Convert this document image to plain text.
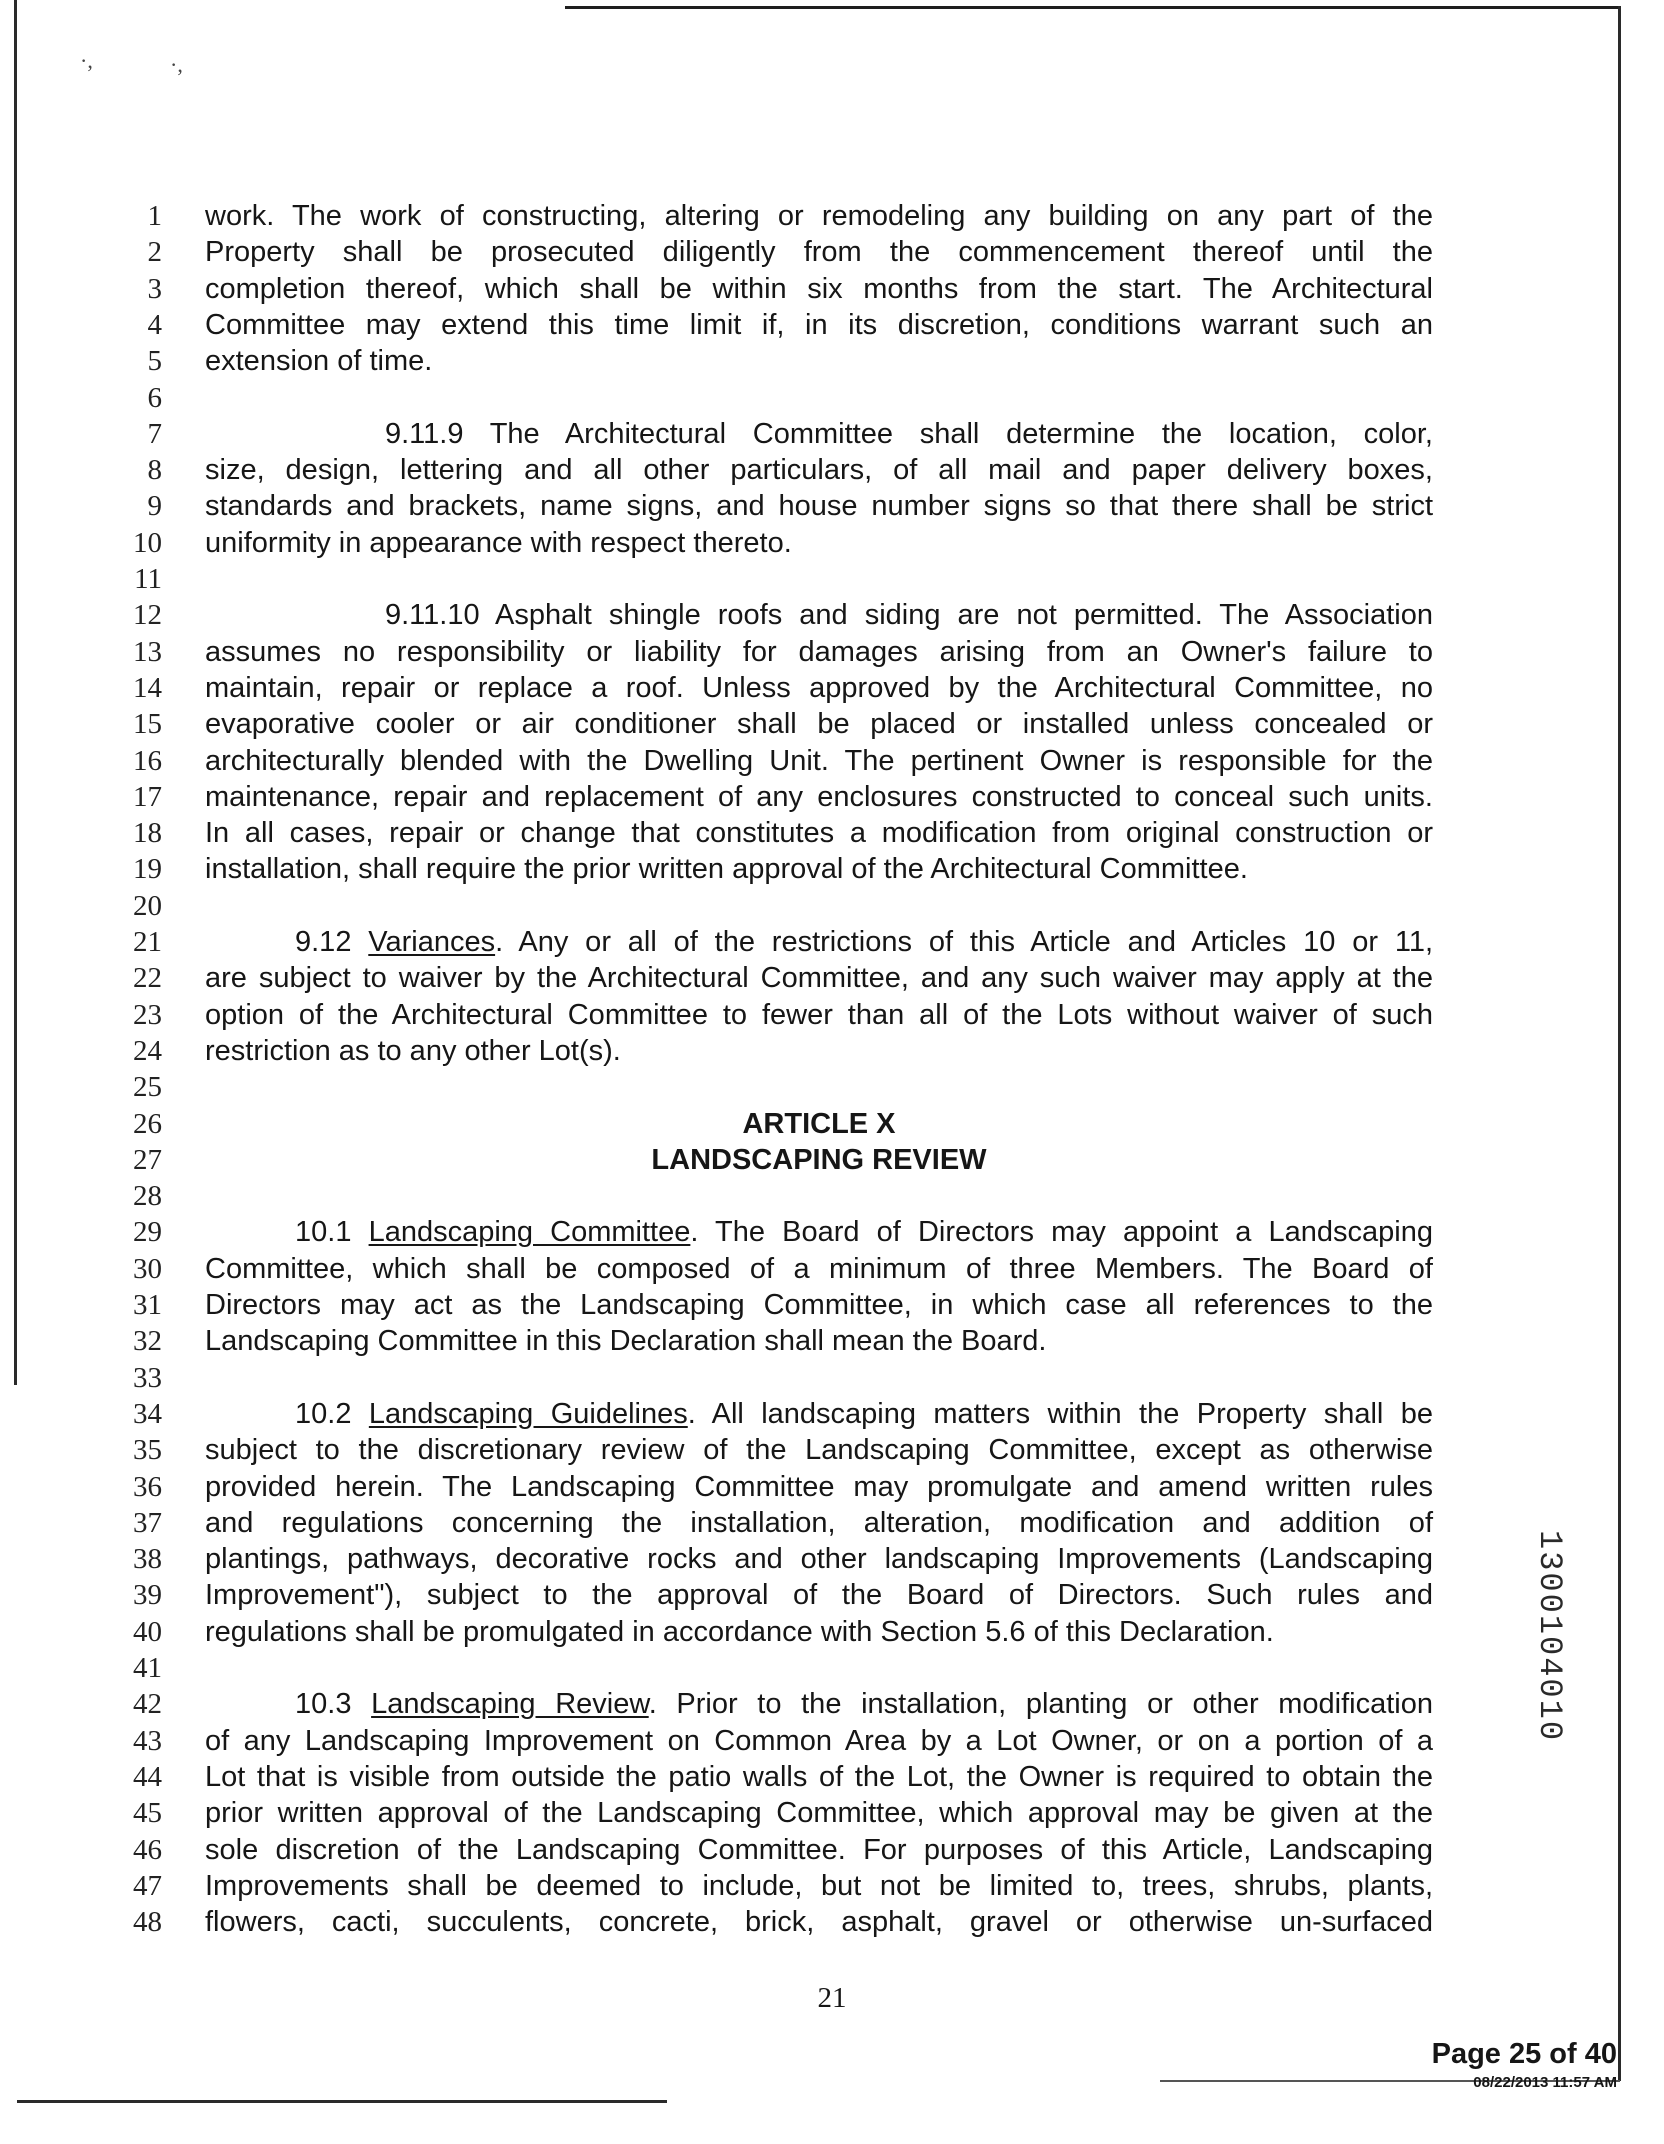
·,	·,
1 work. The work of constructing, altering or remodeling any building on any part of the
2 Property shall be prosecuted diligently from the commencement thereof until the
3 completion thereof, which shall be within six months from the start. The Architectural
4 Committee may extend this time limit if, in its discretion, conditions warrant such an
5 extension of time.
6
7	9.11.9 The Architectural Committee shall determine the location, color,
8 size, design, lettering and all other particulars, of all mail and paper delivery boxes,
9 standards and brackets, name signs, and house number signs so that there shall be strict
10 uniformity in appearance with respect thereto.
11
12	9.11.10 Asphalt shingle roofs and siding are not permitted. The Association
13 assumes no responsibility or liability for damages arising from an Owner's failure to
14 maintain, repair or replace a roof. Unless approved by the Architectural Committee, no
15 evaporative cooler or air conditioner shall be placed or installed unless concealed or
16 architecturally blended with the Dwelling Unit. The pertinent Owner is responsible for the
17 maintenance, repair and replacement of any enclosures constructed to conceal such units.
18 In all cases, repair or change that constitutes a modification from original construction or
19 installation, shall require the prior written approval of the Architectural Committee.
20
21	9.12 Variances. Any or all of the restrictions of this Article and Articles 10 or 11,
22 are subject to waiver by the Architectural Committee, and any such waiver may apply at the
23 option of the Architectural Committee to fewer than all of the Lots without waiver of such
24 restriction as to any other Lot(s).
25
26	ARTICLE X
27	LANDSCAPING REVIEW
28
29	10.1 Landscaping Committee. The Board of Directors may appoint a Landscaping
30 Committee, which shall be composed of a minimum of three Members. The Board of
31 Directors may act as the Landscaping Committee, in which case all references to the
32 Landscaping Committee in this Declaration shall mean the Board.
33
34	10.2 Landscaping Guidelines. All landscaping matters within the Property shall be
35 subject to the discretionary review of the Landscaping Committee, except as otherwise
36 provided herein. The Landscaping Committee may promulgate and amend written rules
37 and regulations concerning the installation, alteration, modification and addition of
38 plantings, pathways, decorative rocks and other landscaping Improvements (Landscaping
39 Improvement"), subject to the approval of the Board of Directors. Such rules and
40 regulations shall be promulgated in accordance with Section 5.6 of this Declaration.
41
42	10.3 Landscaping Review. Prior to the installation, planting or other modification
43 of any Landscaping Improvement on Common Area by a Lot Owner, or on a portion of a
44 Lot that is visible from outside the patio walls of the Lot, the Owner is required to obtain the
45 prior written approval of the Landscaping Committee, which approval may be given at the
46 sole discretion of the Landscaping Committee. For purposes of this Article, Landscaping
47 Improvements shall be deemed to include, but not be limited to, trees, shrubs, plants,
48 flowers, cacti, succulents, concrete, brick, asphalt, gravel or otherwise un-surfaced
21
Page 25 of 40
08/22/2013 11:57 AM
1300104010
